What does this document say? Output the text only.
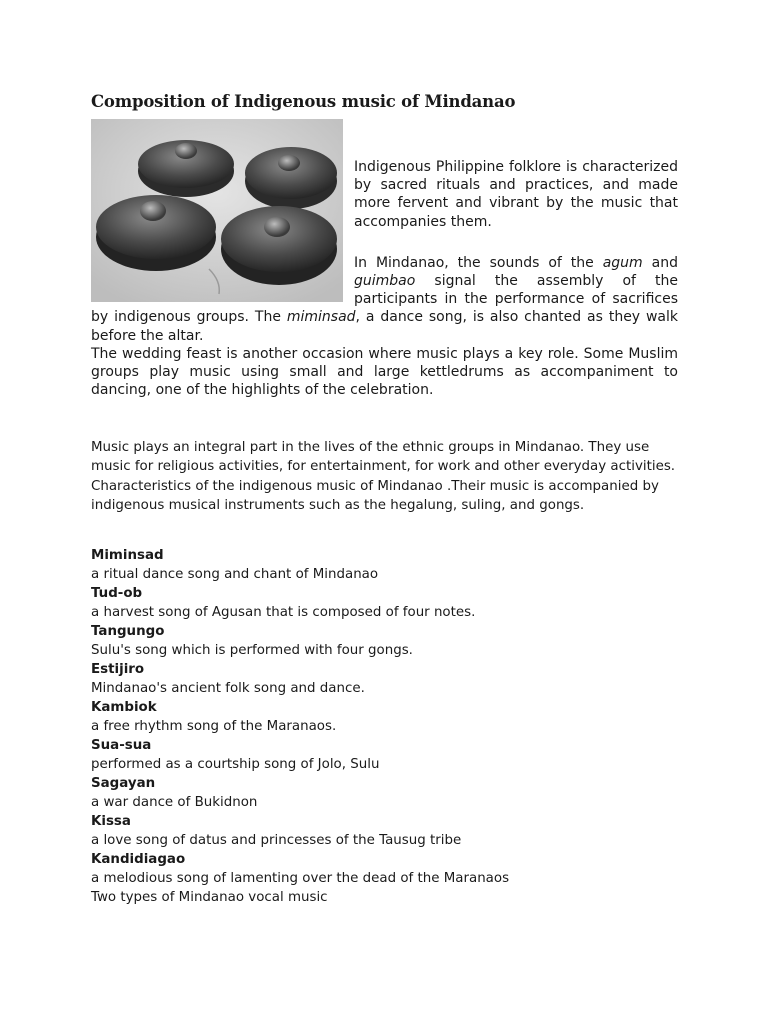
Composition of Indigenous music of Mindanao

Indigenous Philippine folklore is characterized by sacred rituals and practices, and made more fervent and vibrant by the music that accompanies them.

In Mindanao, the sounds of the agum and guimbao signal the assembly of the participants in the performance of sacrifices by indigenous groups. The miminsad, a dance song, is also chanted as they walk before the altar.

The wedding feast is another occasion where music plays a key role. Some Muslim groups play music using small and large kettledrums as accompaniment to dancing, one of the highlights of the celebration.

Music plays an integral part in the lives of the ethnic groups in Mindanao. They use music for religious activities, for entertainment, for work and other everyday activities. Characteristics of the indigenous music of Mindanao .Their music is accompanied by indigenous musical instruments such as the hegalung, suling, and gongs.

Miminsad

a ritual dance song and chant of Mindanao

Tud-ob

a harvest song of Agusan that is composed of four notes.

Tangungo

Sulu's song which is performed with four gongs.

Estijiro

Mindanao's ancient folk song and dance.

Kambiok

a free rhythm song of the Maranaos.

Sua-sua

performed as a courtship song of Jolo, Sulu

Sagayan

a war dance of Bukidnon

Kissa

a love song of datus and princesses of the Tausug tribe

Kandidiagao

a melodious song of lamenting over the dead of the Maranaos

Two types of Mindanao vocal music
